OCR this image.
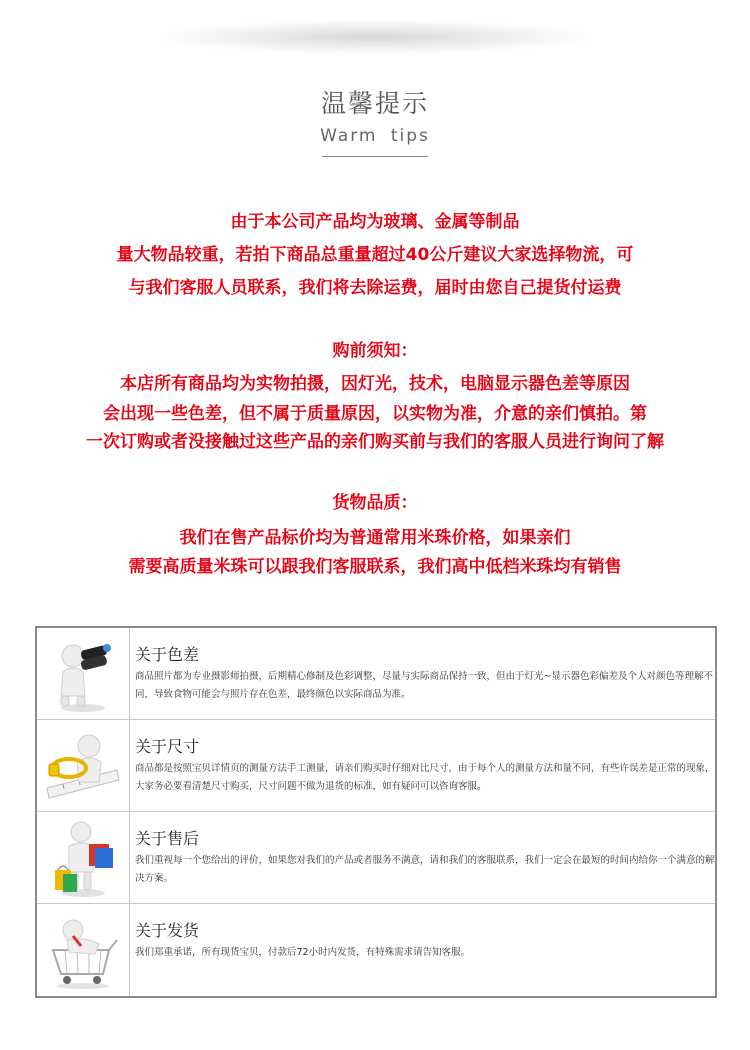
温馨提示
Warm tips
由于本公司产品均为玻璃、金属等制品
量大物品较重，若拍下商品总重量超过40公斤建议大家选择物流，可
与我们客服人员联系，我们将去除运费，届时由您自己提货付运费
购前须知：
本店所有商品均为实物拍摄，因灯光，技术，电脑显示器色差等原因
会出现一些色差，但不属于质量原因，以实物为准，介意的亲们慎拍。第
一次订购或者没接触过这些产品的亲们购买前与我们的客服人员进行询问了解
货物品质：
我们在售产品标价均为普通常用米珠价格，如果亲们
需要高质量米珠可以跟我们客服联系，我们高中低档米珠均有销售
关于色差
商品照片都为专业摄影师拍摄，后期精心修制及色彩调整，尽量与实际商品保持一致，但由于灯光~显示器色彩偏差及个人对颜色等理解不同，导致食物可能会与照片存在色差，最终颜色以实际商品为准。
关于尺寸
商品都是按照宝贝详情页的测量方法手工测量，请亲们购买时仔细对比尺寸，由于每个人的测量方法和量不同，有些许误差是正常的现象，大家务必要看清楚尺寸购买，尺寸问题不做为退货的标准，如有疑问可以咨询客服。
关于售后
我们重视每一个您给出的评价，如果您对我们的产品或者服务不满意，请和我们的客服联系，我们一定会在最短的时间内给你一个满意的解决方案。
关于发货
我们郑重承诺，所有现货宝贝，付款后72小时内发货，有特殊需求请告知客服。
